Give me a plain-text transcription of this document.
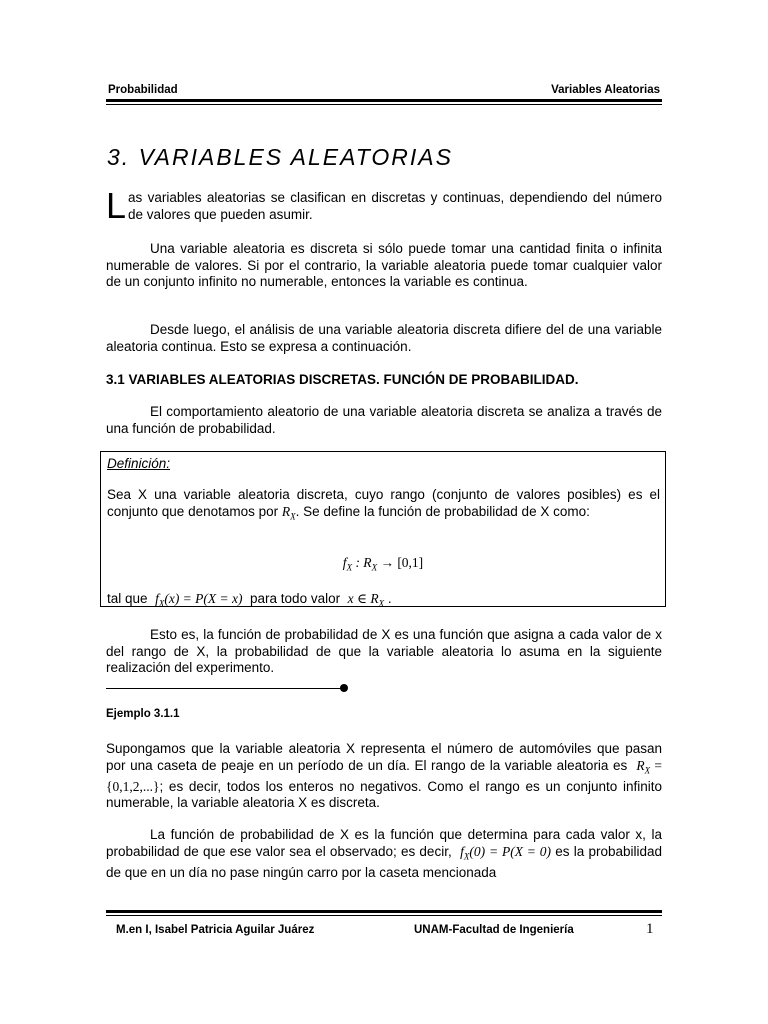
Probabilidad	Variables Aleatorias
3. VARIABLES ALEATORIAS

Las variables aleatorias se clasifican en discretas y continuas, dependiendo del número de valores que pueden asumir.

Una variable aleatoria es discreta si sólo puede tomar una cantidad finita o infinita numerable de valores. Si por el contrario, la variable aleatoria puede tomar cualquier valor de un conjunto infinito no numerable, entonces la variable es continua.

Desde luego, el análisis de una variable aleatoria discreta difiere del de una variable aleatoria continua. Esto se expresa a continuación.

3.1 VARIABLES ALEATORIAS DISCRETAS. FUNCIÓN DE PROBABILIDAD.

El comportamiento aleatorio de una variable aleatoria discreta se analiza a través de una función de probabilidad.

Definición:

Sea X una variable aleatoria discreta, cuyo rango (conjunto de valores posibles) es el conjunto que denotamos por $R_X$. Se define la función de probabilidad de X como:

$f_X$ : $R_X \to [0,1]$
tal que $f_X(x) = P(X = x)$ para todo valor x ∈ $R_X$ .

Esto es, la función de probabilidad de X es una función que asigna a cada valor de x del rango de X, la probabilidad de que la variable aleatoria lo asuma en la siguiente realización del experimento.

Ejemplo 3.1.1

Supongamos que la variable aleatoria X representa el número de automóviles que pasan por una caseta de peaje en un período de un día. El rango de la variable aleatoria es $R_X = \{0,1,2,...\}$; es decir, todos los enteros no negativos. Como el rango es un conjunto infinito numerable, la variable aleatoria X es discreta.

La función de probabilidad de X es la función que determina para cada valor x, la probabilidad de que ese valor sea el observado; es decir, $f_X(0) = P(X = 0)$ es la probabilidad de que en un día no pase ningún carro por la caseta mencionada

M.en I, Isabel Patricia Aguilar Juárez	UNAM-Facultad de Ingeniería	1
